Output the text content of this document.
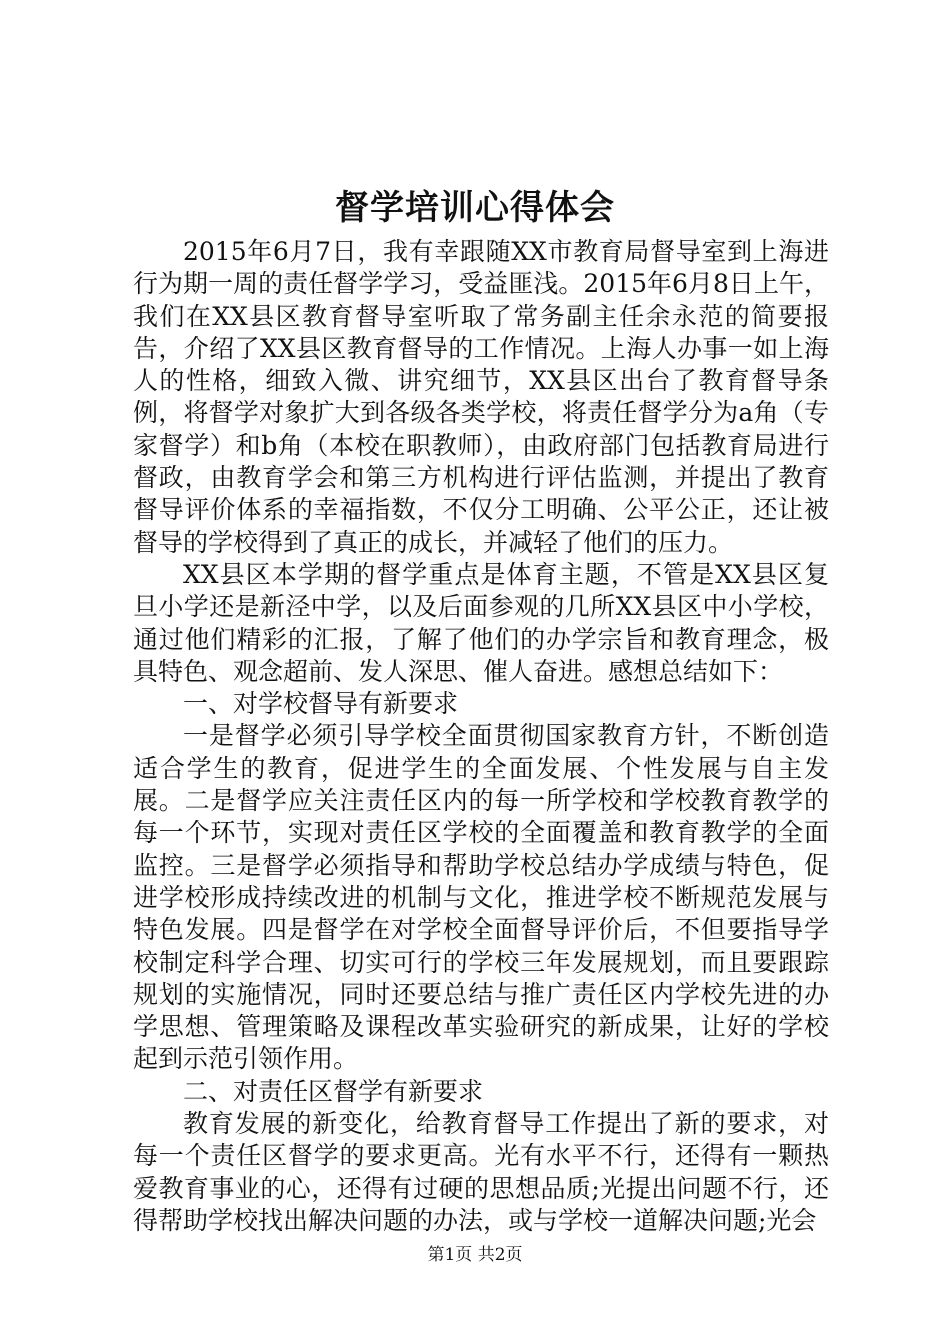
督学培训心得体会

2015年6月7日，我有幸跟随XX市教育局督导室到上海进行为期一周的责任督学学习，受益匪浅。2015年6月8日上午，我们在XX县区教育督导室听取了常务副主任余永范的简要报告，介绍了XX县区教育督导的工作情况。上海人办事一如上海人的性格，细致入微、讲究细节，XX县区出台了教育督导条例，将督学对象扩大到各级各类学校，将责任督学分为a角（专家督学）和b角（本校在职教师），由政府部门包括教育局进行督政，由教育学会和第三方机构进行评估监测，并提出了教育督导评价体系的幸福指数，不仅分工明确、公平公正，还让被督导的学校得到了真正的成长，并减轻了他们的压力。

XX县区本学期的督学重点是体育主题，不管是XX县区复旦小学还是新泾中学，以及后面参观的几所XX县区中小学校，通过他们精彩的汇报，了解了他们的办学宗旨和教育理念，极具特色、观念超前、发人深思、催人奋进。感想总结如下：

一、对学校督导有新要求

一是督学必须引导学校全面贯彻国家教育方针，不断创造适合学生的教育，促进学生的全面发展、个性发展与自主发展。二是督学应关注责任区内的每一所学校和学校教育教学的每一个环节，实现对责任区学校的全面覆盖和教育教学的全面监控。三是督学必须指导和帮助学校总结办学成绩与特色，促进学校形成持续改进的机制与文化，推进学校不断规范发展与特色发展。四是督学在对学校全面督导评价后，不但要指导学校制定科学合理、切实可行的学校三年发展规划，而且要跟踪规划的实施情况，同时还要总结与推广责任区内学校先进的办学思想、管理策略及课程改革实验研究的新成果，让好的学校起到示范引领作用。

二、对责任区督学有新要求

教育发展的新变化，给教育督导工作提出了新的要求，对每一个责任区督学的要求更高。光有水平不行，还得有一颗热爱教育事业的心，还得有过硬的思想品质;光提出问题不行，还得帮助学校找出解决问题的办法，或与学校一道解决问题;光会

第1页 共2页
